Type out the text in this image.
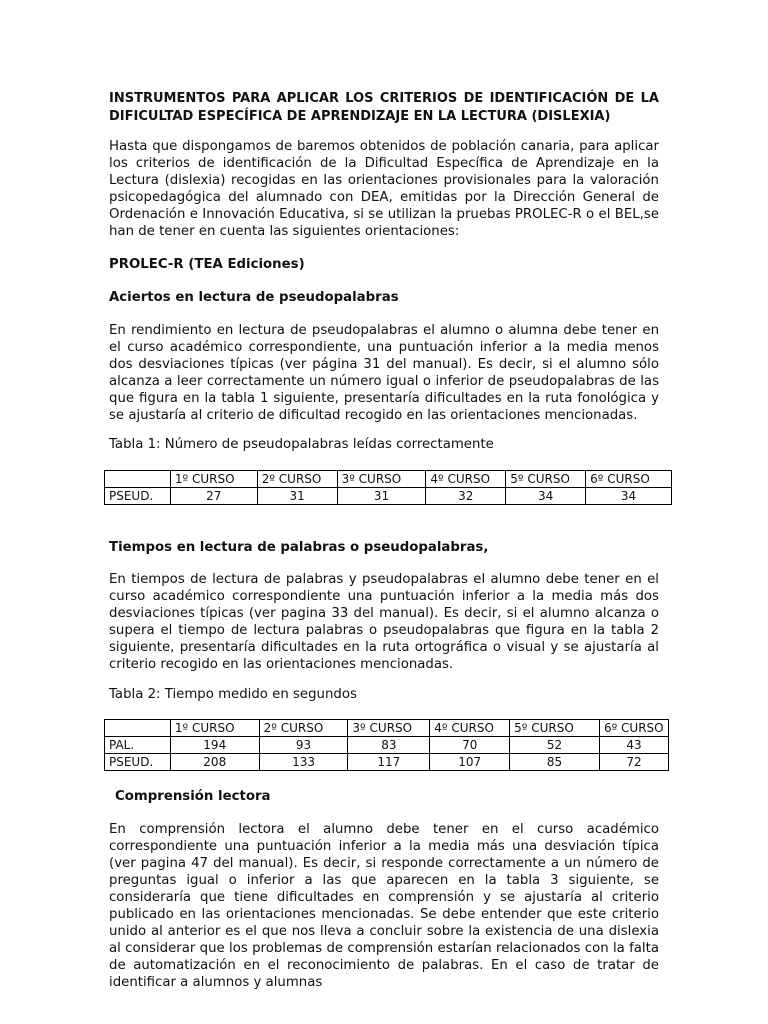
INSTRUMENTOS PARA APLICAR LOS CRITERIOS DE IDENTIFICACIÓN DE LA DIFICULTAD ESPECÍFICA DE APRENDIZAJE EN LA LECTURA (DISLEXIA)
Hasta que dispongamos de baremos obtenidos de población canaria, para aplicar los criterios de identificación de la Dificultad Específica de Aprendizaje en la Lectura (dislexia) recogidas en las orientaciones provisionales para la valoración psicopedagógica del alumnado con DEA, emitidas por la Dirección General de Ordenación e Innovación Educativa, si se utilizan la pruebas PROLEC-R o el BEL,se han de tener en cuenta las siguientes orientaciones:
PROLEC-R (TEA Ediciones)
Aciertos en lectura de pseudopalabras
En rendimiento en lectura de pseudopalabras el alumno o alumna debe tener en el curso académico correspondiente, una puntuación inferior a la media menos dos desviaciones típicas (ver página 31 del manual). Es decir, si el alumno sólo alcanza a leer correctamente un número igual o inferior de pseudopalabras de las que figura en la tabla 1 siguiente, presentaría dificultades en la ruta fonológica y se ajustaría al criterio de dificultad recogido en las orientaciones mencionadas.
Tabla 1: Número de pseudopalabras leídas correctamente
	1º CURSO	2º CURSO	3º CURSO	4º CURSO	5º CURSO	6º CURSO
PSEUD.	27	31	31	32	34	34
Tiempos en lectura de palabras o pseudopalabras,
En tiempos de lectura de palabras y pseudopalabras el alumno debe tener en el curso académico correspondiente una puntuación inferior a la media más dos desviaciones típicas (ver pagina 33 del manual). Es decir, si el alumno alcanza o supera el tiempo de lectura palabras o pseudopalabras que figura en la tabla 2 siguiente, presentaría dificultades en la ruta ortográfica o visual y se ajustaría al criterio recogido en las orientaciones mencionadas.
Tabla 2: Tiempo medido en segundos
	1º CURSO	2º CURSO	3º CURSO	4º CURSO	5º CURSO	6º CURSO
PAL.	194	93	83	70	52	43
PSEUD.	208	133	117	107	85	72
Comprensión lectora
En comprensión lectora el alumno debe tener en el curso académico correspondiente una puntuación inferior a la media más una desviación típica (ver pagina 47 del manual). Es decir, si responde correctamente a un número de preguntas igual o inferior a las que aparecen en la tabla 3 siguiente, se consideraría que tiene dificultades en comprensión y se ajustaría al criterio publicado en las orientaciones mencionadas. Se debe entender que este criterio unido al anterior es el que nos lleva a concluir sobre la existencia de una dislexia al considerar que los problemas de comprensión estarían relacionados con la falta de automatización en el reconocimiento de palabras. En el caso de tratar de identificar a alumnos y alumnas
